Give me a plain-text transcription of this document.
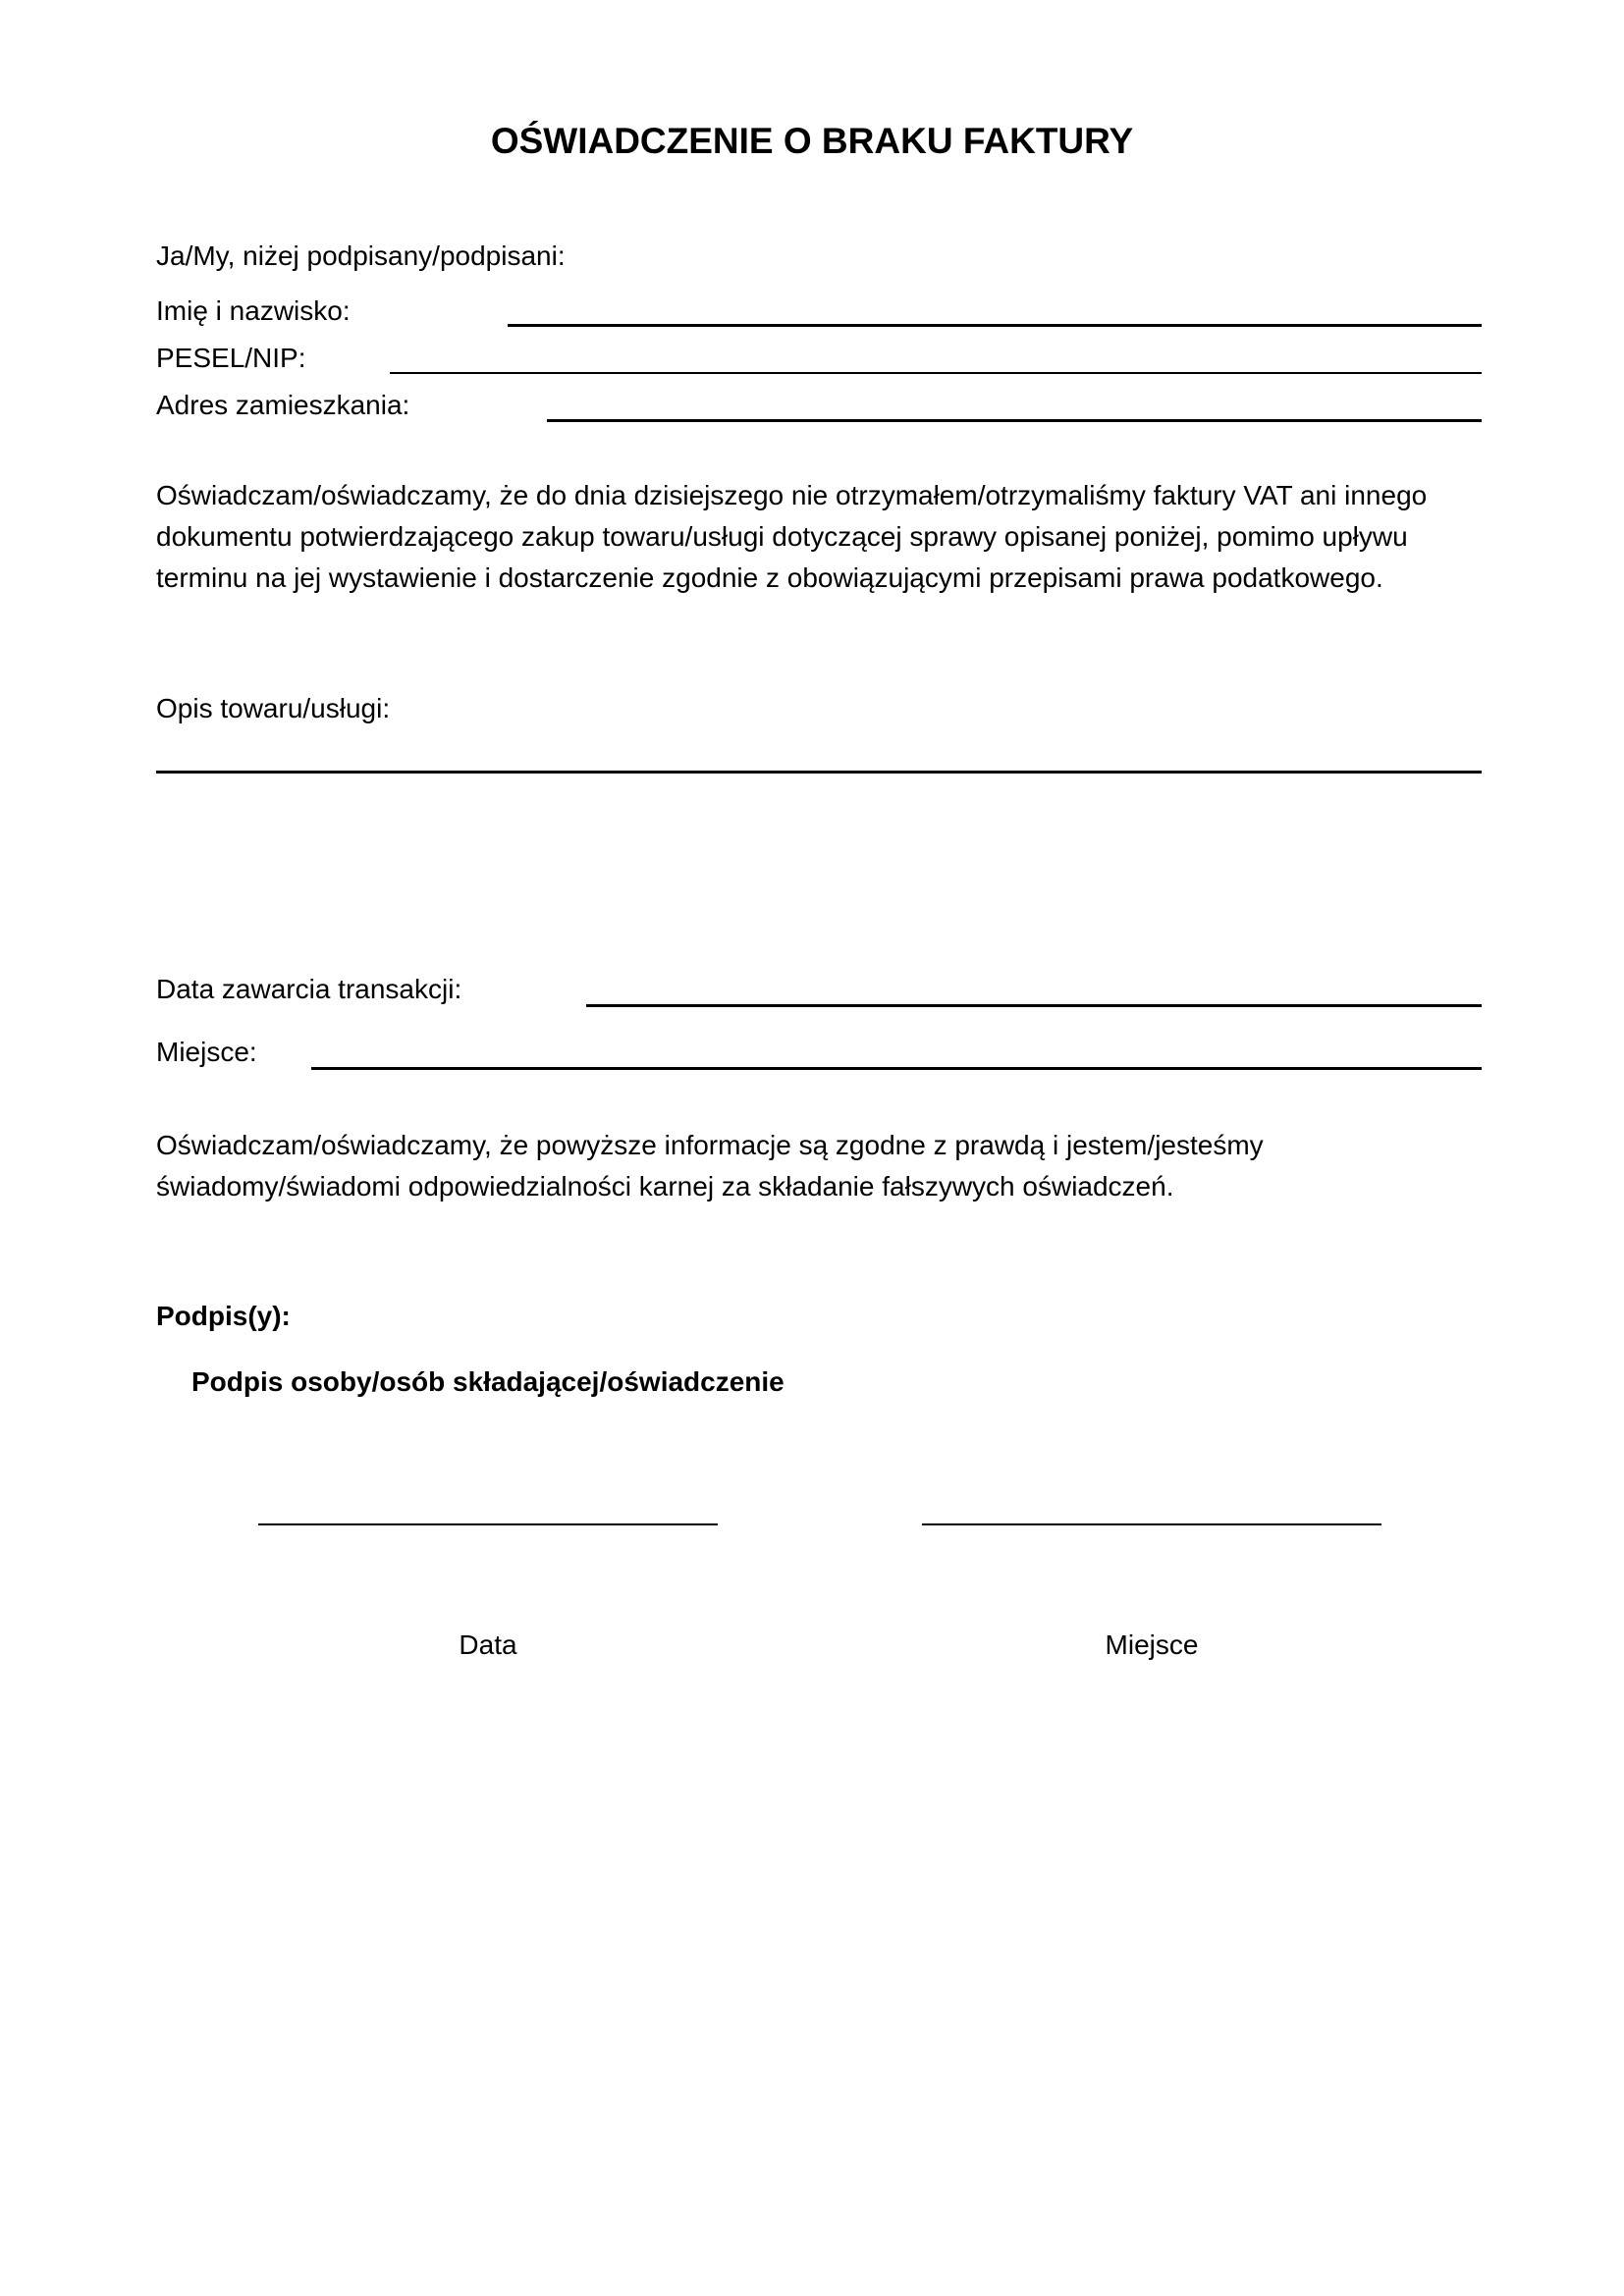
OŚWIADCZENIE O BRAKU FAKTURY
Ja/My, niżej podpisany/podpisani:
Imię i nazwisko:
PESEL/NIP:
Adres zamieszkania:
Oświadczam/oświadczamy, że do dnia dzisiejszego nie otrzymałem/otrzymaliśmy faktury VAT ani innego
dokumentu potwierdzającego zakup towaru/usługi dotyczącej sprawy opisanej poniżej, pomimo upływu
terminu na jej wystawienie i dostarczenie zgodnie z obowiązującymi przepisami prawa podatkowego.
Opis towaru/usługi:
Data zawarcia transakcji:
Miejsce:
Oświadczam/oświadczamy, że powyższe informacje są zgodne z prawdą i jestem/jesteśmy
świadomy/świadomi odpowiedzialności karnej za składanie fałszywych oświadczeń.
Podpis(y):
Podpis osoby/osób składającej/oświadczenie
Data	Miejsce
